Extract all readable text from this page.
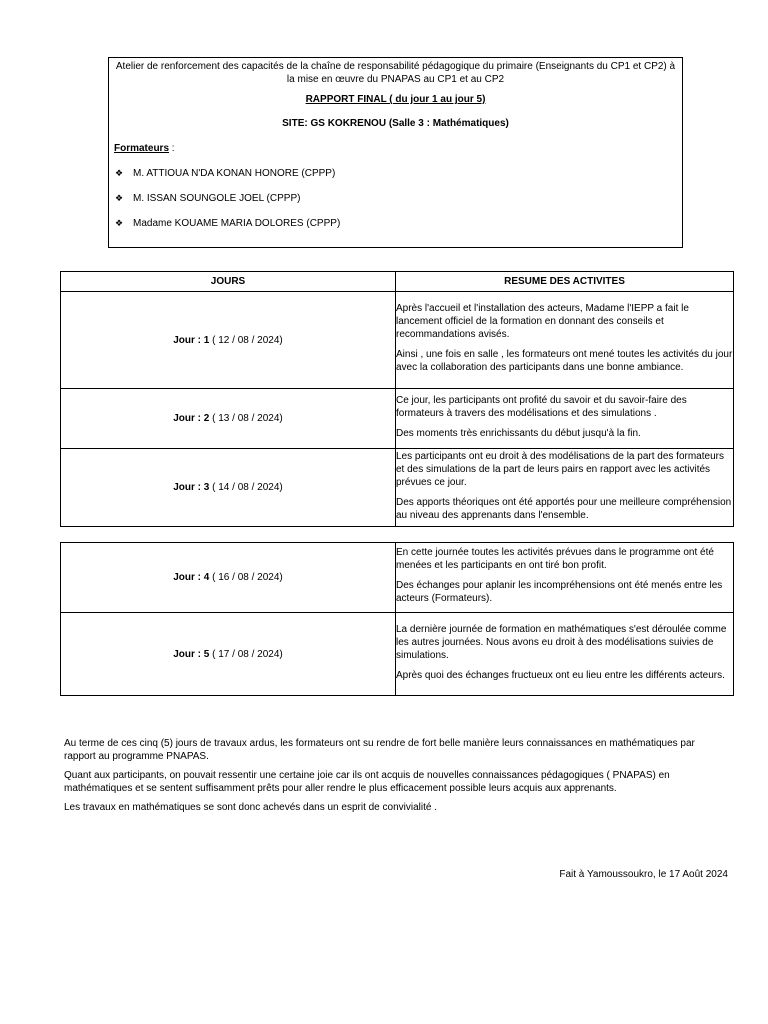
Atelier de renforcement des capacités de la chaîne de responsabilité pédagogique du primaire (Enseignants du CP1 et CP2) à la mise en œuvre du PNAPAS au CP1 et au CP2

RAPPORT FINAL ( du jour 1 au jour 5)

SITE: GS KOKRENOU (Salle 3 : Mathématiques)

Formateurs :

❖ M. ATTIOUA N'DA KONAN HONORE (CPPP)
❖ M. ISSAN SOUNGOLE JOEL (CPPP)
❖ Madame KOUAME MARIA DOLORES (CPPP)
JOURS	RESUME DES ACTIVITES
Jour : 1 ( 12 / 08 / 2024)	Après l'accueil et l'installation des acteurs, Madame l'IEPP a fait le lancement officiel de la formation en donnant des conseils et recommandations avisés.

Ainsi , une fois en salle , les formateurs ont mené toutes les activités du jour avec la collaboration des participants dans une bonne ambiance.

Jour : 2 ( 13 / 08 / 2024)	Ce jour, les participants ont profité du savoir et du savoir-faire des formateurs à travers des modélisations et des simulations .

Des moments très enrichissants du début jusqu'à la fin.

Jour : 3 ( 14 / 08 / 2024)	Les participants ont eu droit à des modélisations de la part des formateurs et des simulations de la part de leurs pairs en rapport avec les activités prévues ce jour.

Des apports théoriques ont été apportés pour une meilleure compréhension au niveau des apprenants dans l'ensemble.

Jour : 4 ( 16 / 08 / 2024)	En cette journée toutes les activités prévues dans le programme ont été menées et les participants en ont tiré bon profit.

Des échanges pour aplanir les incompréhensions ont été menés entre les acteurs (Formateurs).

Jour : 5 ( 17 / 08 / 2024)	La dernière journée de formation en mathématiques s'est déroulée comme les autres journées. Nous avons eu droit à des modélisations suivies de simulations.

Après quoi des échanges fructueux ont eu lieu entre les différents acteurs.

Au terme de ces cinq (5) jours de travaux ardus, les formateurs ont su rendre de fort belle manière leurs connaissances en mathématiques par rapport au programme PNAPAS.

Quant aux participants, on pouvait ressentir une certaine joie car ils ont acquis de nouvelles connaissances pédagogiques ( PNAPAS) en mathématiques et se sentent suffisamment prêts pour aller rendre le plus efficacement possible leurs acquis aux apprenants.

Les travaux en mathématiques se sont donc achevés dans un esprit de convivialité .

Fait à Yamoussoukro, le 17 Août 2024
